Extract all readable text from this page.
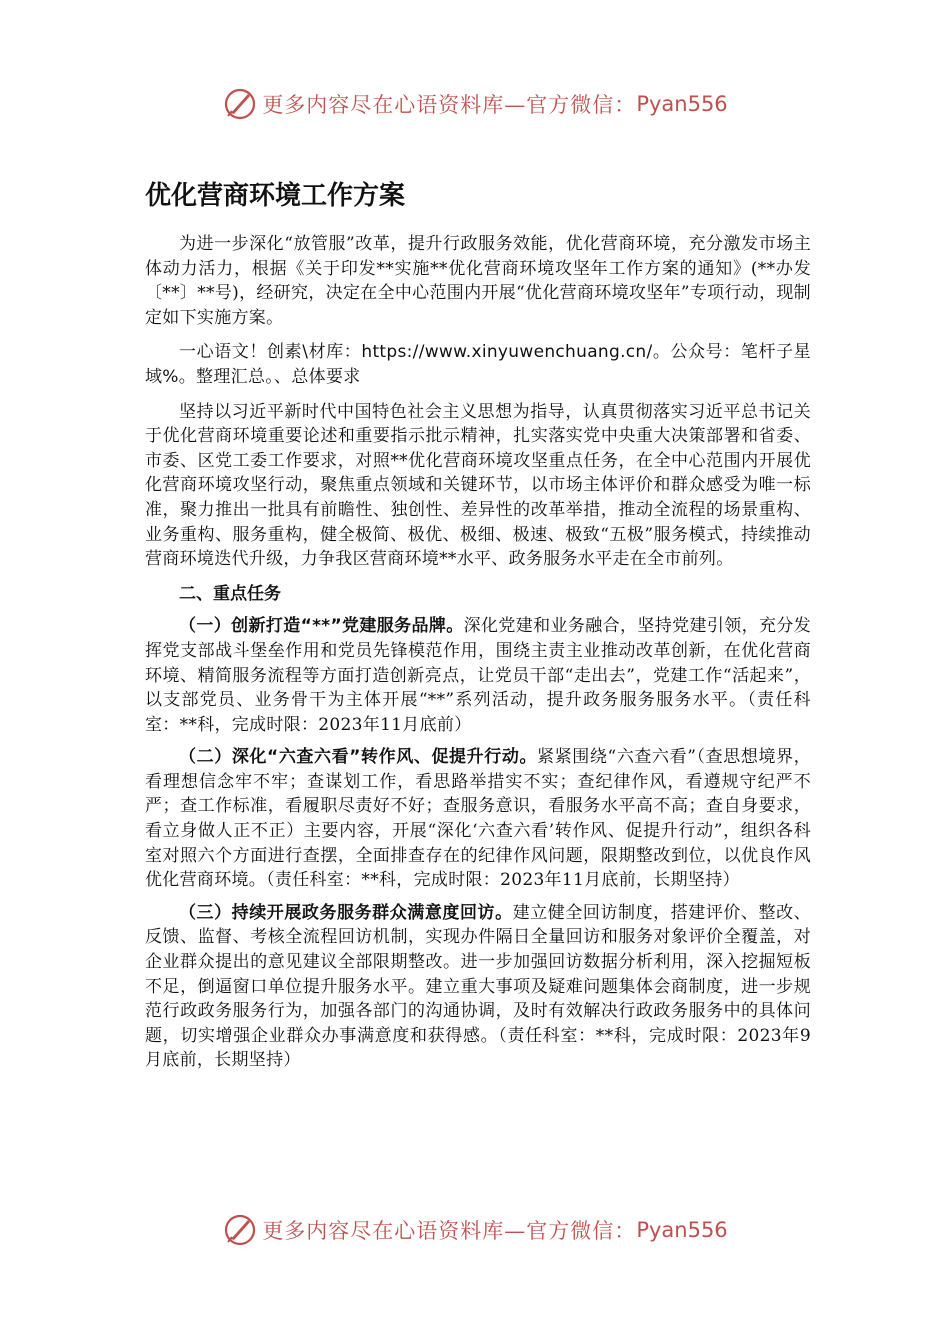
更多内容尽在心语资料库—官方微信： Pyan556
优化营商环境工作方案

为进一步深化“放管服”改革，提升行政服务效能，优化营商环境，充分激发市场主体动力活力，根据《关于印发**实施**优化营商环境攻坚年工作方案的通知》(**办发〔**〕**号)，经研究，决定在全中心范围内开展“优化营商环境攻坚年”专项行动，现制定如下实施方案。

一心语文！创素\材库：https://www.xinyuwenchuang.cn/。公众号：笔杆子星域%。整理汇总。、总体要求

坚持以习近平新时代中国特色社会主义思想为指导，认真贯彻落实习近平总书记关于优化营商环境重要论述和重要指示批示精神，扎实落实党中央重大决策部署和省委、市委、区党工委工作要求，对照**优化营商环境攻坚重点任务，在全中心范围内开展优化营商环境攻坚行动，聚焦重点领域和关键环节，以市场主体评价和群众感受为唯一标准，聚力推出一批具有前瞻性、独创性、差异性的改革举措，推动全流程的场景重构、业务重构、服务重构，健全极简、极优、极细、极速、极致“五极”服务模式，持续推动营商环境迭代升级，力争我区营商环境**水平、政务服务水平走在全市前列。

二、重点任务

（一）创新打造“**”党建服务品牌。深化党建和业务融合，坚持党建引领，充分发挥党支部战斗堡垒作用和党员先锋模范作用，围绕主责主业推动改革创新，在优化营商环境、精简服务流程等方面打造创新亮点，让党员干部“走出去”，党建工作“活起来”，以支部党员、业务骨干为主体开展“**”系列活动，提升政务服务服务水平。（责任科室：**科，完成时限：2023年11月底前）

（二）深化“六查六看”转作风、促提升行动。紧紧围绕“六查六看”（查思想境界，看理想信念牢不牢；查谋划工作，看思路举措实不实；查纪律作风，看遵规守纪严不严；查工作标准，看履职尽责好不好；查服务意识，看服务水平高不高；查自身要求，看立身做人正不正）主要内容，开展“深化‘六查六看’转作风、促提升行动”，组织各科室对照六个方面进行查摆，全面排查存在的纪律作风问题，限期整改到位，以优良作风优化营商环境。（责任科室：**科，完成时限：2023年11月底前，长期坚持）

（三）持续开展政务服务群众满意度回访。建立健全回访制度，搭建评价、整改、反馈、监督、考核全流程回访机制，实现办件隔日全量回访和服务对象评价全覆盖，对企业群众提出的意见建议全部限期整改。进一步加强回访数据分析利用，深入挖掘短板不足，倒逼窗口单位提升服务水平。建立重大事项及疑难问题集体会商制度，进一步规范行政政务服务行为，加强各部门的沟通协调，及时有效解决行政政务服务中的具体问题，切实增强企业群众办事满意度和获得感。（责任科室：**科，完成时限：2023年9月底前，长期坚持）

更多内容尽在心语资料库—官方微信： Pyan556
